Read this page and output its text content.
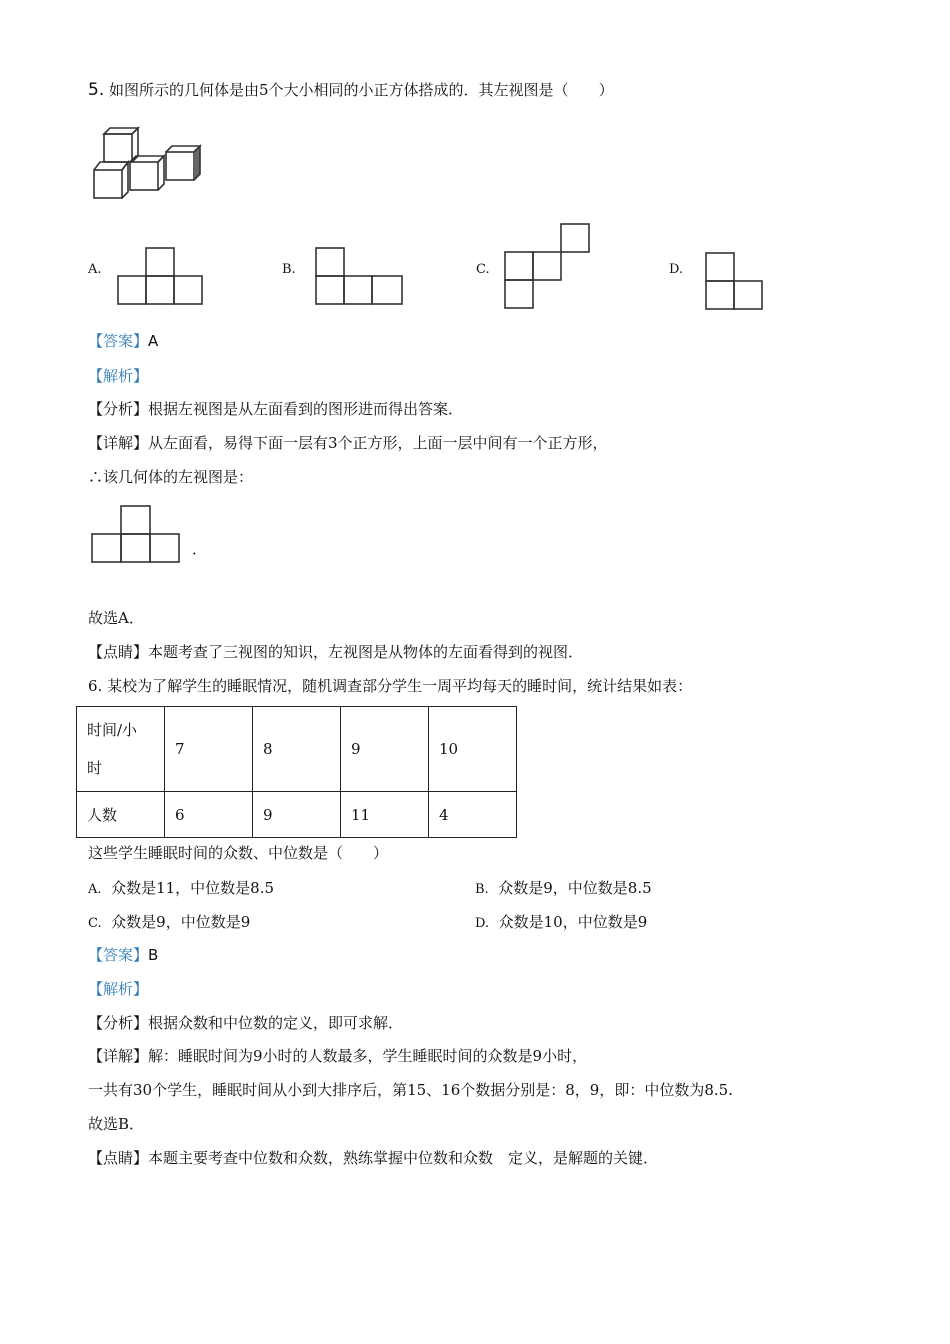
5. 如图所示的几何体是由5个大小相同的小正方体搭成的．其左视图是（　　）
A.	B.	C.	D.
【答案】A
【解析】
【分析】根据左视图是从左面看到的图形进而得出答案．
【详解】从左面看，易得下面一层有3个正方形，上面一层中间有一个正方形，
∴该几何体的左视图是：
．
故选A．
【点睛】本题考查了三视图的知识，左视图是从物体的左面看得到的视图．
6. 某校为了解学生的睡眠情况，随机调查部分学生一周平均每天的睡时间，统计结果如表：
时间/小时	7	8	9	10
人数	6	9	11	4
这些学生睡眠时间的众数、中位数是（　　）
A. 众数是11，中位数是8.5	B. 众数是9，中位数是8.5
C. 众数是9，中位数是9	D. 众数是10，中位数是9
【答案】B
【解析】
【分析】根据众数和中位数的定义，即可求解．
【详解】解：睡眠时间为9小时的人数最多，学生睡眠时间的众数是9小时，
一共有30个学生，睡眠时间从小到大排序后，第15、16个数据分别是：8，9，即：中位数为8.5.
故选B．
【点睛】本题主要考查中位数和众数，熟练掌握中位数和众数　定义，是解题的关键．
